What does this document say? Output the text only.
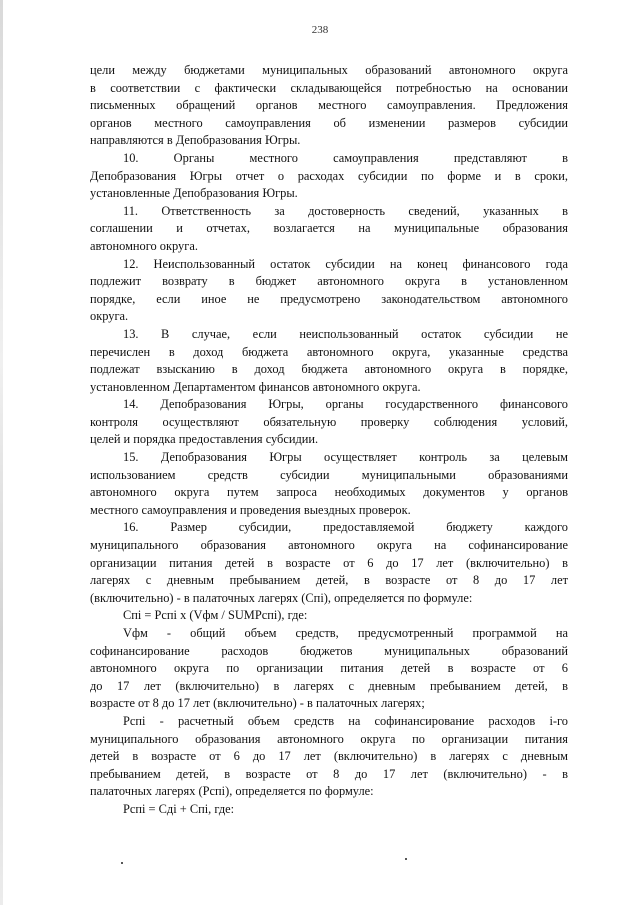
238
цели между бюджетами муниципальных образований автономного округа
в соответствии с фактически складывающейся потребностью на основании
письменных обращений органов местного самоуправления. Предложения
органов местного самоуправления об изменении размеров субсидии
направляются в Депобразования Югры.
10. Органы местного самоуправления представляют в
Депобразования Югры отчет о расходах субсидии по форме и в сроки,
установленные Депобразования Югры.
11. Ответственность за достоверность сведений, указанных в
соглашении и отчетах, возлагается на муниципальные образования
автономного округа.
12. Неиспользованный остаток субсидии на конец финансового года
подлежит возврату в бюджет автономного округа в установленном
порядке, если иное не предусмотрено законодательством автономного
округа.
13. В случае, если неиспользованный остаток субсидии не
перечислен в доход бюджета автономного округа, указанные средства
подлежат взысканию в доход бюджета автономного округа в порядке,
установленном Департаментом финансов автономного округа.
14. Депобразования Югры, органы государственного финансового
контроля осуществляют обязательную проверку соблюдения условий,
целей и порядка предоставления субсидии.
15. Депобразования Югры осуществляет контроль за целевым
использованием средств субсидии муниципальными образованиями
автономного округа путем запроса необходимых документов у органов
местного самоуправления и проведения выездных проверок.
16. Размер субсидии, предоставляемой бюджету каждого
муниципального образования автономного округа на софинансирование
организации питания детей в возрасте от 6 до 17 лет (включительно) в
лагерях с дневным пребыванием детей, в возрасте от 8 до 17 лет
(включительно) - в палаточных лагерях (Спi), определяется по формуле:
Спi = Рспi x (Vфм / SUMРспi), где:
Vфм - общий объем средств, предусмотренный программой на
софинансирование расходов бюджетов муниципальных образований
автономного округа по организации питания детей в возрасте от 6
до 17 лет (включительно) в лагерях с дневным пребыванием детей, в
возрасте от 8 до 17 лет (включительно) - в палаточных лагерях;
Рспi - расчетный объем средств на софинансирование расходов i-го
муниципального образования автономного округа по организации питания
детей в возрасте от 6 до 17 лет (включительно) в лагерях с дневным
пребыванием детей, в возрасте от 8 до 17 лет (включительно) - в
палаточных лагерях (Рспi), определяется по формуле:
Рспi = Сдi + Спi, где:
